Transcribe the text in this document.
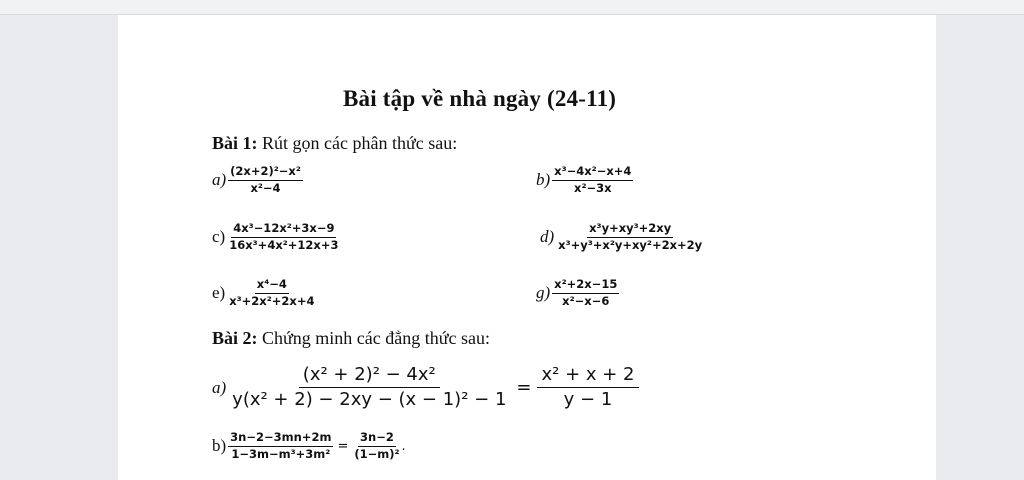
Bài tập về nhà ngày (24-11)
Bài 1: Rút gọn các phân thức sau:
$a) \frac{\text{(2x+2)²−x²}}{\text{x²−4}}$	$b) \frac{\text{x³−4x²−x+4}}{\text{x²−3x}}$
$c) \frac{\text{4x³−12x²+3x−9}}{\text{16x³+4x²+12x+3}}$	$d) \frac{\text{x³y+xy³+2xy}}{\text{x³+y³+x²y+xy²+2x+2y}}$
$e) \frac{\text{x⁴−4}}{\text{x³+2x²+2x+4}}$	$g) \frac{\text{x²+2x−15}}{\text{x²−x−6}}$
Bài 2: Chứng minh các đẳng thức sau:
$a) \frac{\text{(x² + 2)² − 4x²}}{\text{y(x² + 2) − 2xy − (x − 1)² − 1}} = \frac{\text{x² + x + 2}}{y - 1}$
$b) \frac{3n-2-3mn+2m}{\text{1−3m−m³+3m²}} = \frac{3n-2}{\text{(1−m)²}}$ .
